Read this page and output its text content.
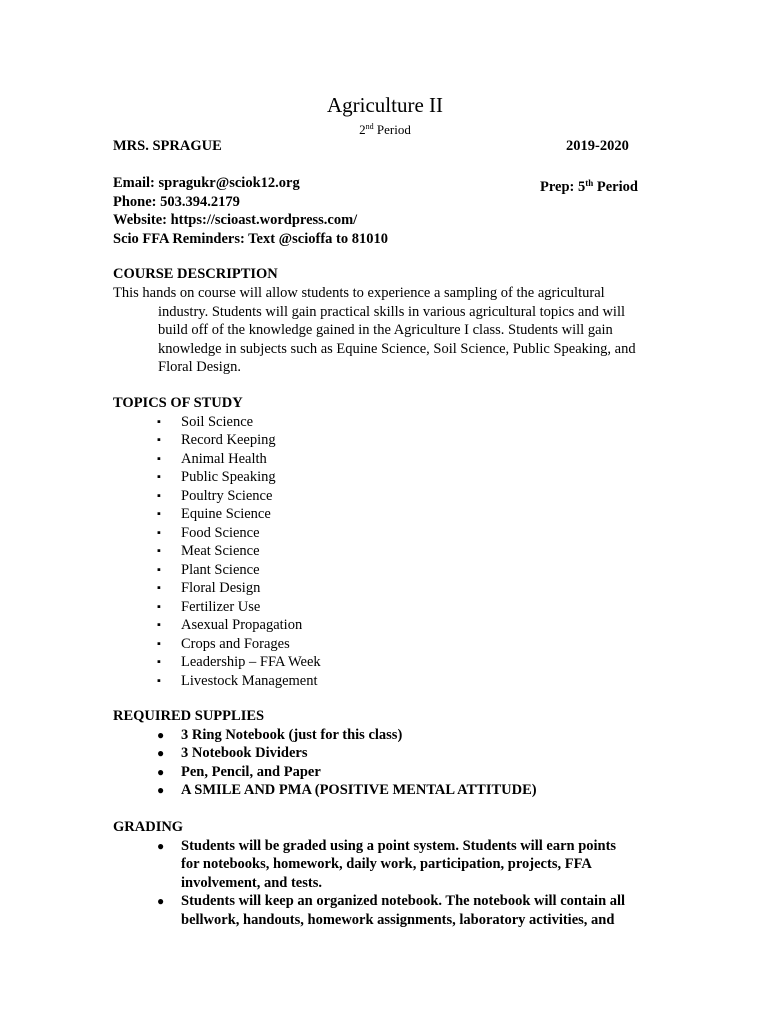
Agriculture II
2nd Period
MRS. SPRAGUE	2019-2020
Prep: 5th Period
Email: spragukr@sciok12.org
Phone: 503.394.2179
Website: https://scioast.wordpress.com/
Scio FFA Reminders: Text @scioffa to 81010
COURSE DESCRIPTION
This hands on course will allow students to experience a sampling of the agricultural
industry. Students will gain practical skills in various agricultural topics and will
build off of the knowledge gained in the Agriculture I class. Students will gain
knowledge in subjects such as Equine Science, Soil Science, Public Speaking, and
Floral Design.
TOPICS OF STUDY
▪	Soil Science
▪	Record Keeping
▪	Animal Health
▪	Public Speaking
▪	Poultry Science
▪	Equine Science
▪	Food Science
▪	Meat Science
▪	Plant Science
▪	Floral Design
▪	Fertilizer Use
▪	Asexual Propagation
▪	Crops and Forages
▪	Leadership – FFA Week
▪	Livestock Management
REQUIRED SUPPLIES
●	3 Ring Notebook (just for this class)
●	3 Notebook Dividers
●	Pen, Pencil, and Paper
●	A SMILE AND PMA (POSITIVE MENTAL ATTITUDE)
GRADING
●	Students will be graded using a point system. Students will earn points
for notebooks, homework, daily work, participation, projects, FFA
involvement, and tests.
●	Students will keep an organized notebook. The notebook will contain all
bellwork, handouts, homework assignments, laboratory activities, and
